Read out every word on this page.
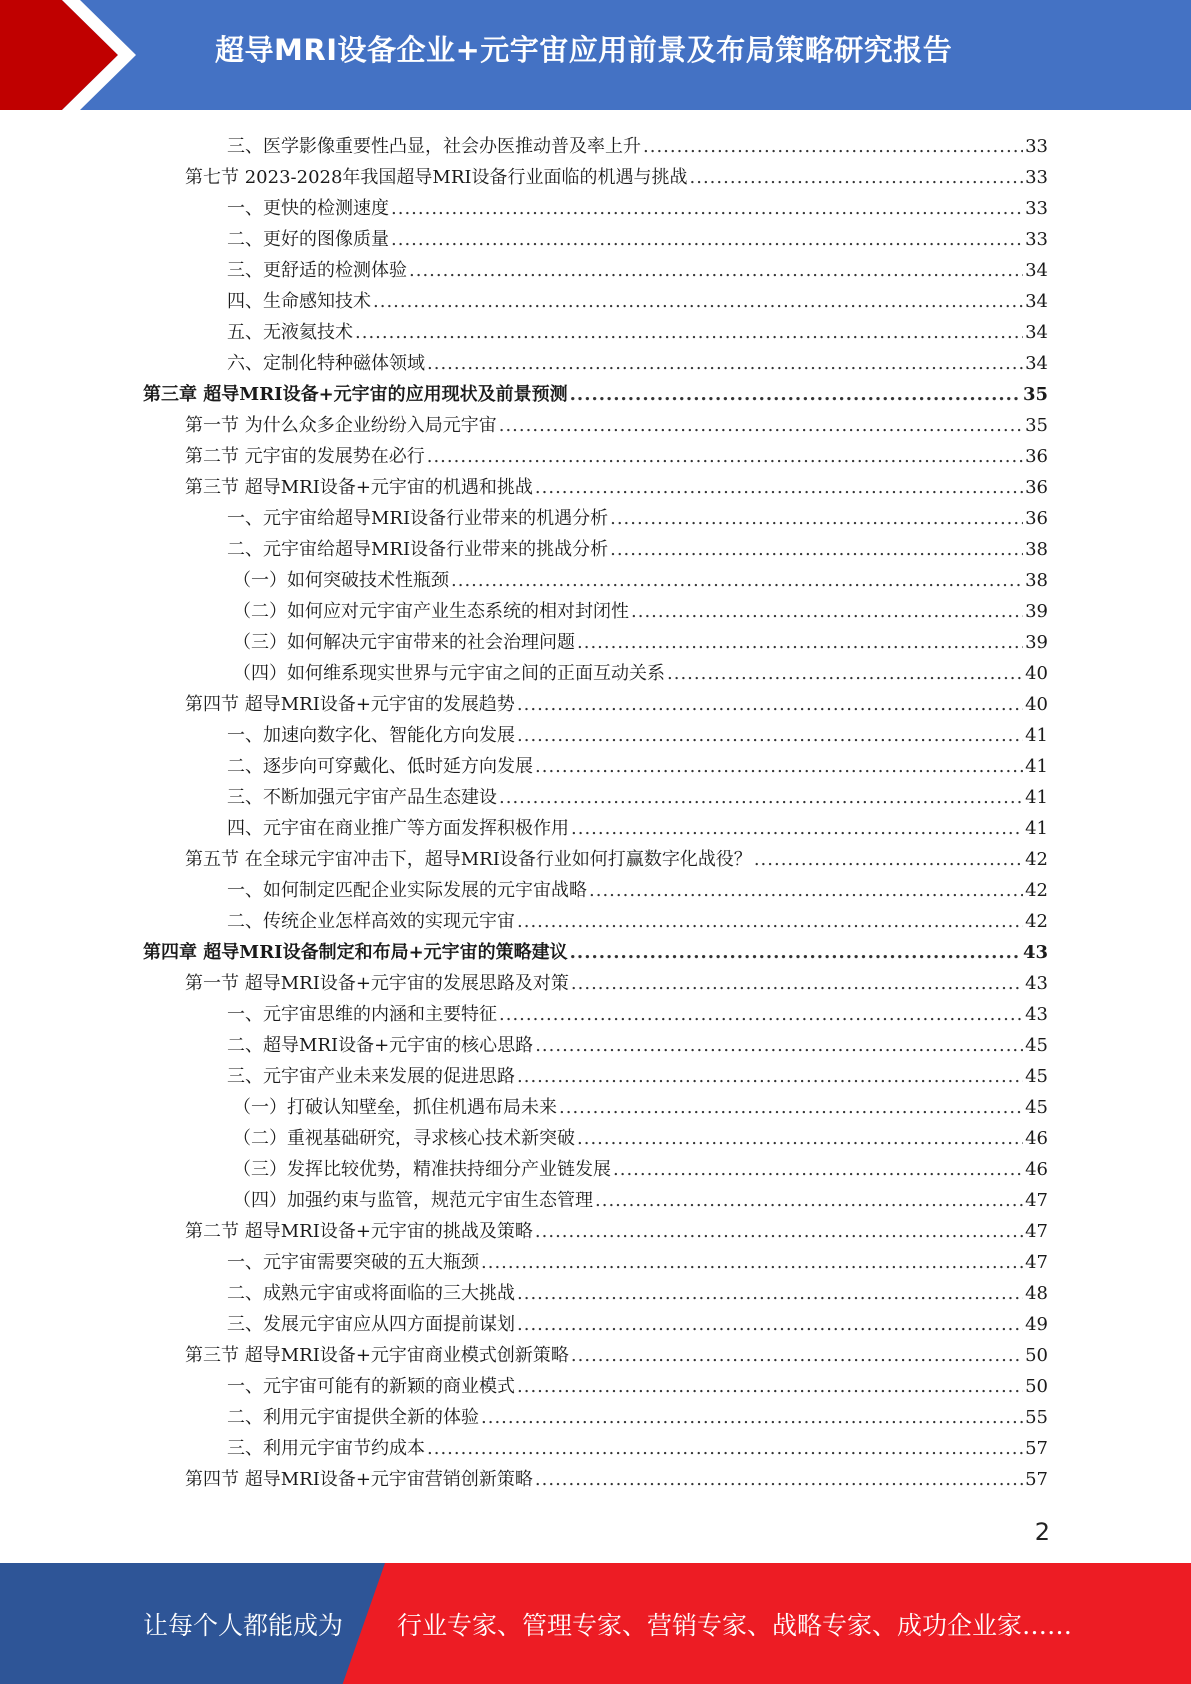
超导MRI设备企业+元宇宙应用前景及布局策略研究报告
三、医学影像重要性凸显，社会办医推动普及率上升 .....	33
第七节 2023-2028年我国超导MRI设备行业面临的机遇与挑战 .....	33
一、更快的检测速度 .....	33
二、更好的图像质量 .....	33
三、更舒适的检测体验 .....	34
四、生命感知技术 .....	34
五、无液氦技术 .....	34
六、定制化特种磁体领域 .....	34
第三章 超导MRI设备+元宇宙的应用现状及前景预测 .....	35
第一节 为什么众多企业纷纷入局元宇宙 .....	35
第二节 元宇宙的发展势在必行 .....	36
第三节 超导MRI设备+元宇宙的机遇和挑战 .....	36
一、元宇宙给超导MRI设备行业带来的机遇分析 .....	36
二、元宇宙给超导MRI设备行业带来的挑战分析 .....	38
（一）如何突破技术性瓶颈 .....	38
（二）如何应对元宇宙产业生态系统的相对封闭性 .....	39
（三）如何解决元宇宙带来的社会治理问题 .....	39
（四）如何维系现实世界与元宇宙之间的正面互动关系 .....	40
第四节 超导MRI设备+元宇宙的发展趋势 .....	40
一、加速向数字化、智能化方向发展 .....	41
二、逐步向可穿戴化、低时延方向发展 .....	41
三、不断加强元宇宙产品生态建设 .....	41
四、元宇宙在商业推广等方面发挥积极作用 .....	41
第五节 在全球元宇宙冲击下，超导MRI设备行业如何打赢数字化战役？ .....	42
一、如何制定匹配企业实际发展的元宇宙战略 .....	42
二、传统企业怎样高效的实现元宇宙 .....	42
第四章 超导MRI设备制定和布局+元宇宙的策略建议 .....	43
第一节 超导MRI设备+元宇宙的发展思路及对策 .....	43
一、元宇宙思维的内涵和主要特征 .....	43
二、超导MRI设备+元宇宙的核心思路 .....	45
三、元宇宙产业未来发展的促进思路 .....	45
（一）打破认知壁垒，抓住机遇布局未来 .....	45
（二）重视基础研究，寻求核心技术新突破 .....	46
（三）发挥比较优势，精准扶持细分产业链发展 .....	46
（四）加强约束与监管，规范元宇宙生态管理 .....	47
第二节 超导MRI设备+元宇宙的挑战及策略 .....	47
一、元宇宙需要突破的五大瓶颈 .....	47
二、成熟元宇宙或将面临的三大挑战 .....	48
三、发展元宇宙应从四方面提前谋划 .....	49
第三节 超导MRI设备+元宇宙商业模式创新策略 .....	50
一、元宇宙可能有的新颖的商业模式 .....	50
二、利用元宇宙提供全新的体验 .....	55
三、利用元宇宙节约成本 .....	57
第四节 超导MRI设备+元宇宙营销创新策略 .....	57
2
让每个人都能成为 行业专家、管理专家、营销专家、战略专家、成功企业家……
